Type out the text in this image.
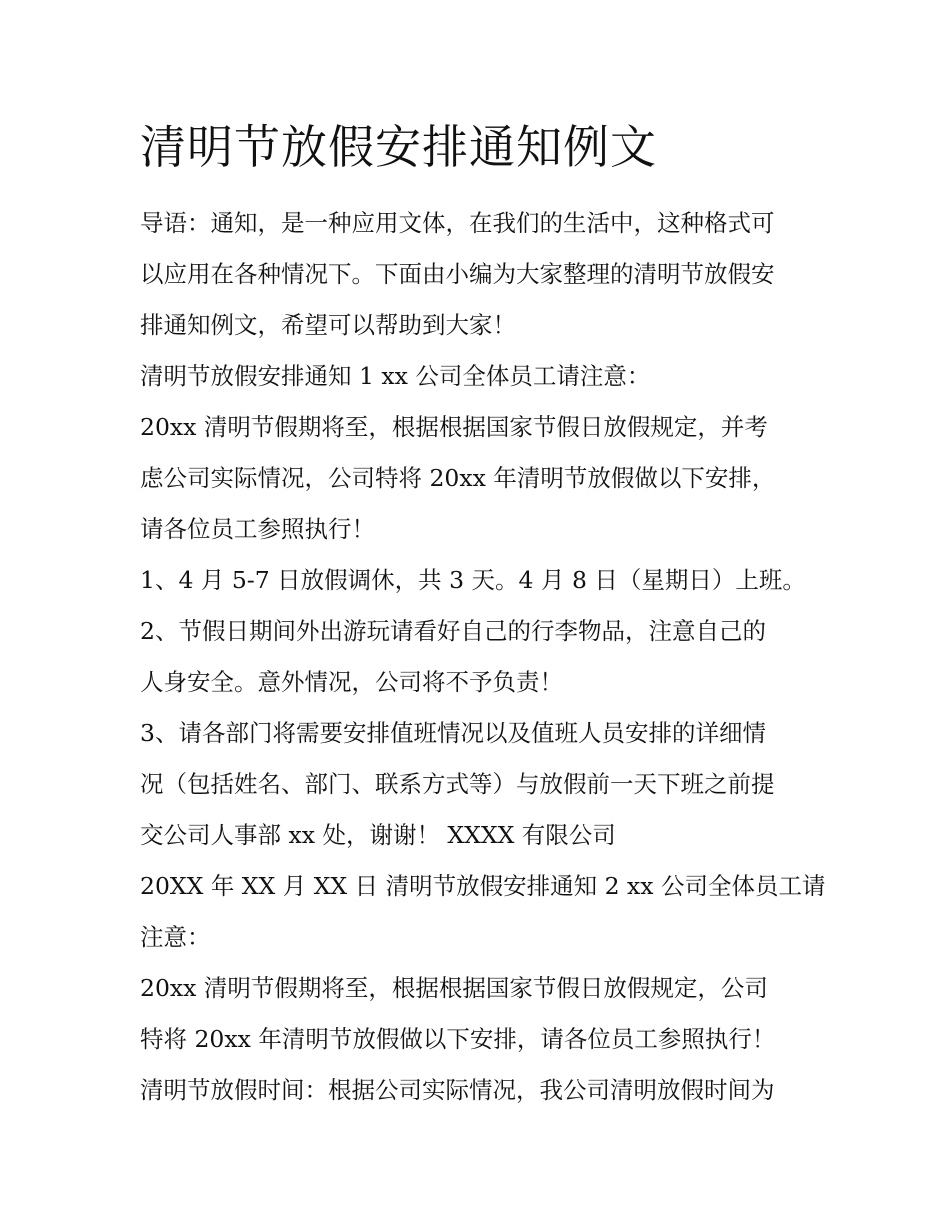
清明节放假安排通知例文
导语：通知，是一种应用文体，在我们的生活中，这种格式可
以应用在各种情况下。下面由小编为大家整理的清明节放假安
排通知例文，希望可以帮助到大家！
清明节放假安排通知 1 xx 公司全体员工请注意：
20xx 清明节假期将至，根据根据国家节假日放假规定，并考
虑公司实际情况，公司特将 20xx 年清明节放假做以下安排，
请各位员工参照执行！
1、4 月 5-7 日放假调休，共 3 天。4 月 8 日（星期日）上班。
2、节假日期间外出游玩请看好自己的行李物品，注意自己的
人身安全。意外情况，公司将不予负责！
3、请各部门将需要安排值班情况以及值班人员安排的详细情
况（包括姓名、部门、联系方式等）与放假前一天下班之前提
交公司人事部 xx 处，谢谢！ XXXX 有限公司
20XX 年 XX 月 XX 日 清明节放假安排通知 2 xx 公司全体员工请
注意：
20xx 清明节假期将至，根据根据国家节假日放假规定，公司
特将 20xx 年清明节放假做以下安排，请各位员工参照执行！
清明节放假时间：根据公司实际情况，我公司清明放假时间为
